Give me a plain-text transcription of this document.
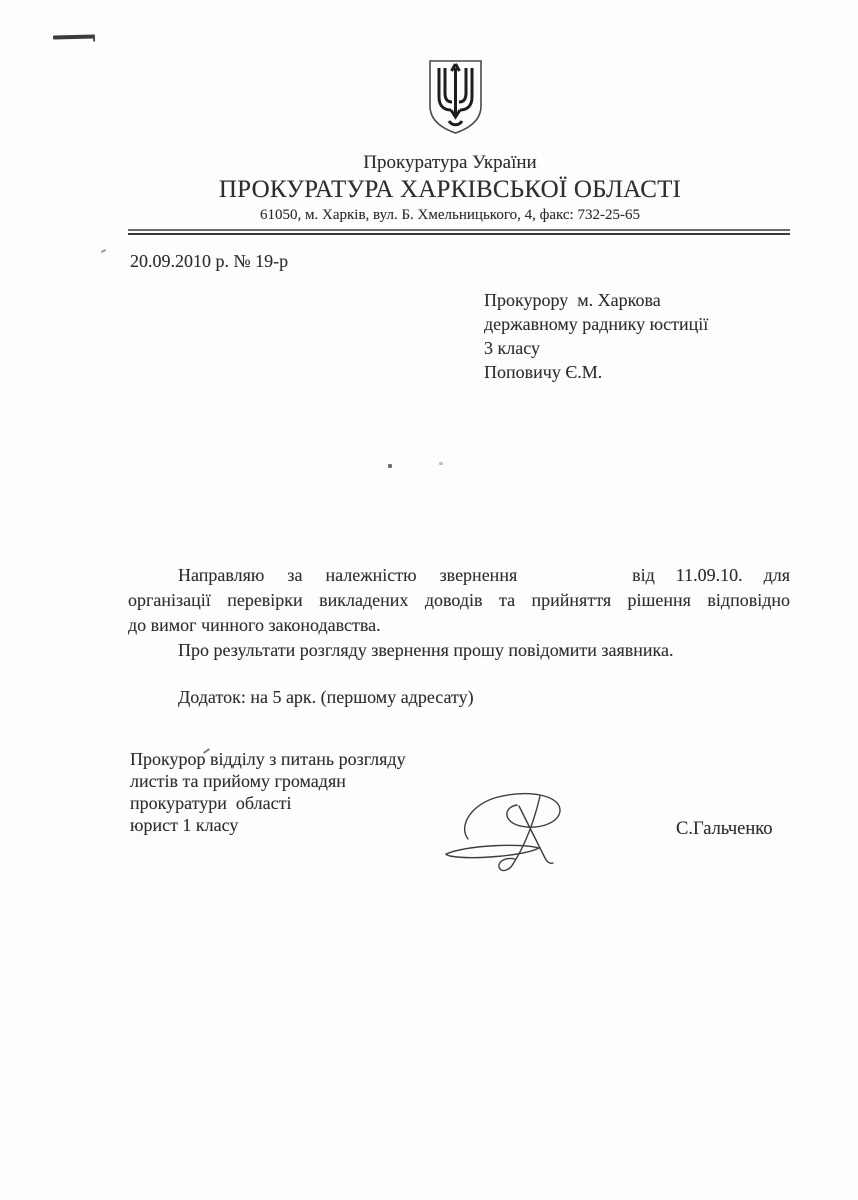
Прокуратура України
ПРОКУРАТУРА ХАРКІВСЬКОЇ ОБЛАСТІ
61050, м. Харків, вул. Б. Хмельницького, 4, факс: 732-25-65
20.09.2010 р. № 19-р
Прокурору  м. Харкова
державному раднику юстиції
3 класу
Поповичу Є.М.
Направляю  за  належністю  звернення	від  11.09.10.  для
організації перевірки викладених доводів та прийняття рішення відповідно
до вимог чинного законодавства.
Про результати розгляду звернення прошу повідомити заявника.
Додаток: на 5 арк. (першому адресату)
Прокурор відділу з питань розгляду
листів та прийому громадян
прокуратури  області
юрист 1 класу	С.Гальченко
